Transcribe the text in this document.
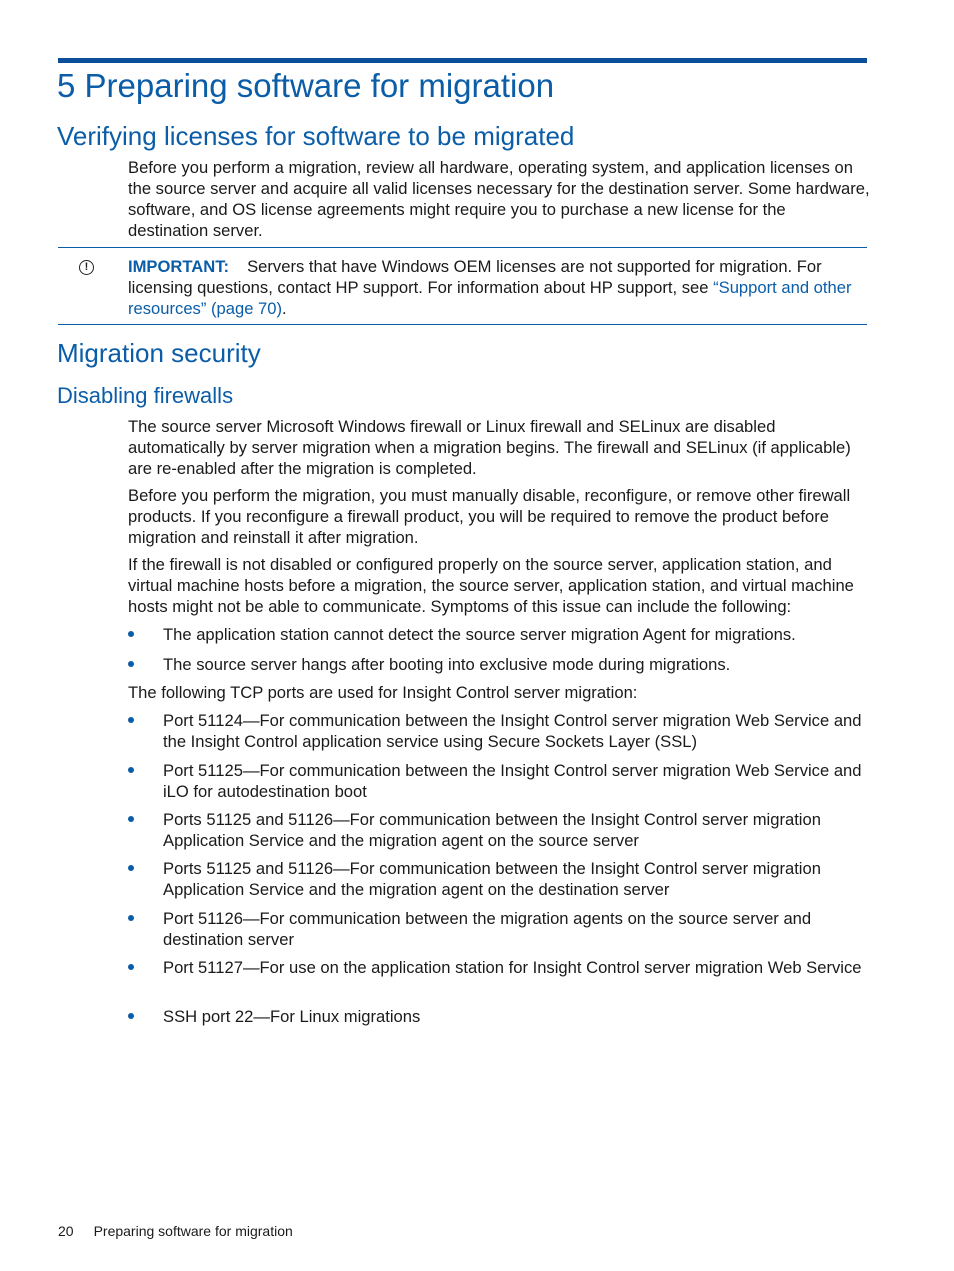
5 Preparing software for migration
Verifying licenses for software to be migrated

Before you perform a migration, review all hardware, operating system, and application licenses on the source server and acquire all valid licenses necessary for the destination server. Some hardware, software, and OS license agreements might require you to purchase a new license for the destination server.

!	IMPORTANT: Servers that have Windows OEM licenses are not supported for migration. For licensing questions, contact HP support. For information about HP support, see “Support and other resources” (page 70).
Migration security
Disabling firewalls

The source server Microsoft Windows firewall or Linux firewall and SELinux are disabled automatically by server migration when a migration begins. The firewall and SELinux (if applicable) are re-enabled after the migration is completed.

Before you perform the migration, you must manually disable, reconfigure, or remove other firewall products. If you reconfigure a firewall product, you will be required to remove the product before migration and reinstall it after migration.

If the firewall is not disabled or configured properly on the source server, application station, and virtual machine hosts before a migration, the source server, application station, and virtual machine hosts might not be able to communicate. Symptoms of this issue can include the following:

The application station cannot detect the source server migration Agent for migrations.

The source server hangs after booting into exclusive mode during migrations.

The following TCP ports are used for Insight Control server migration:

Port 51124—For communication between the Insight Control server migration Web Service and the Insight Control application service using Secure Sockets Layer (SSL)

Port 51125—For communication between the Insight Control server migration Web Service and iLO for autodestination boot

Ports 51125 and 51126—For communication between the Insight Control server migration Application Service and the migration agent on the source server

Ports 51125 and 51126—For communication between the Insight Control server migration Application Service and the migration agent on the destination server

Port 51126—For communication between the migration agents on the source server and destination server

Port 51127—For use on the application station for Insight Control server migration Web Service

SSH port 22—For Linux migrations

20 Preparing software for migration
